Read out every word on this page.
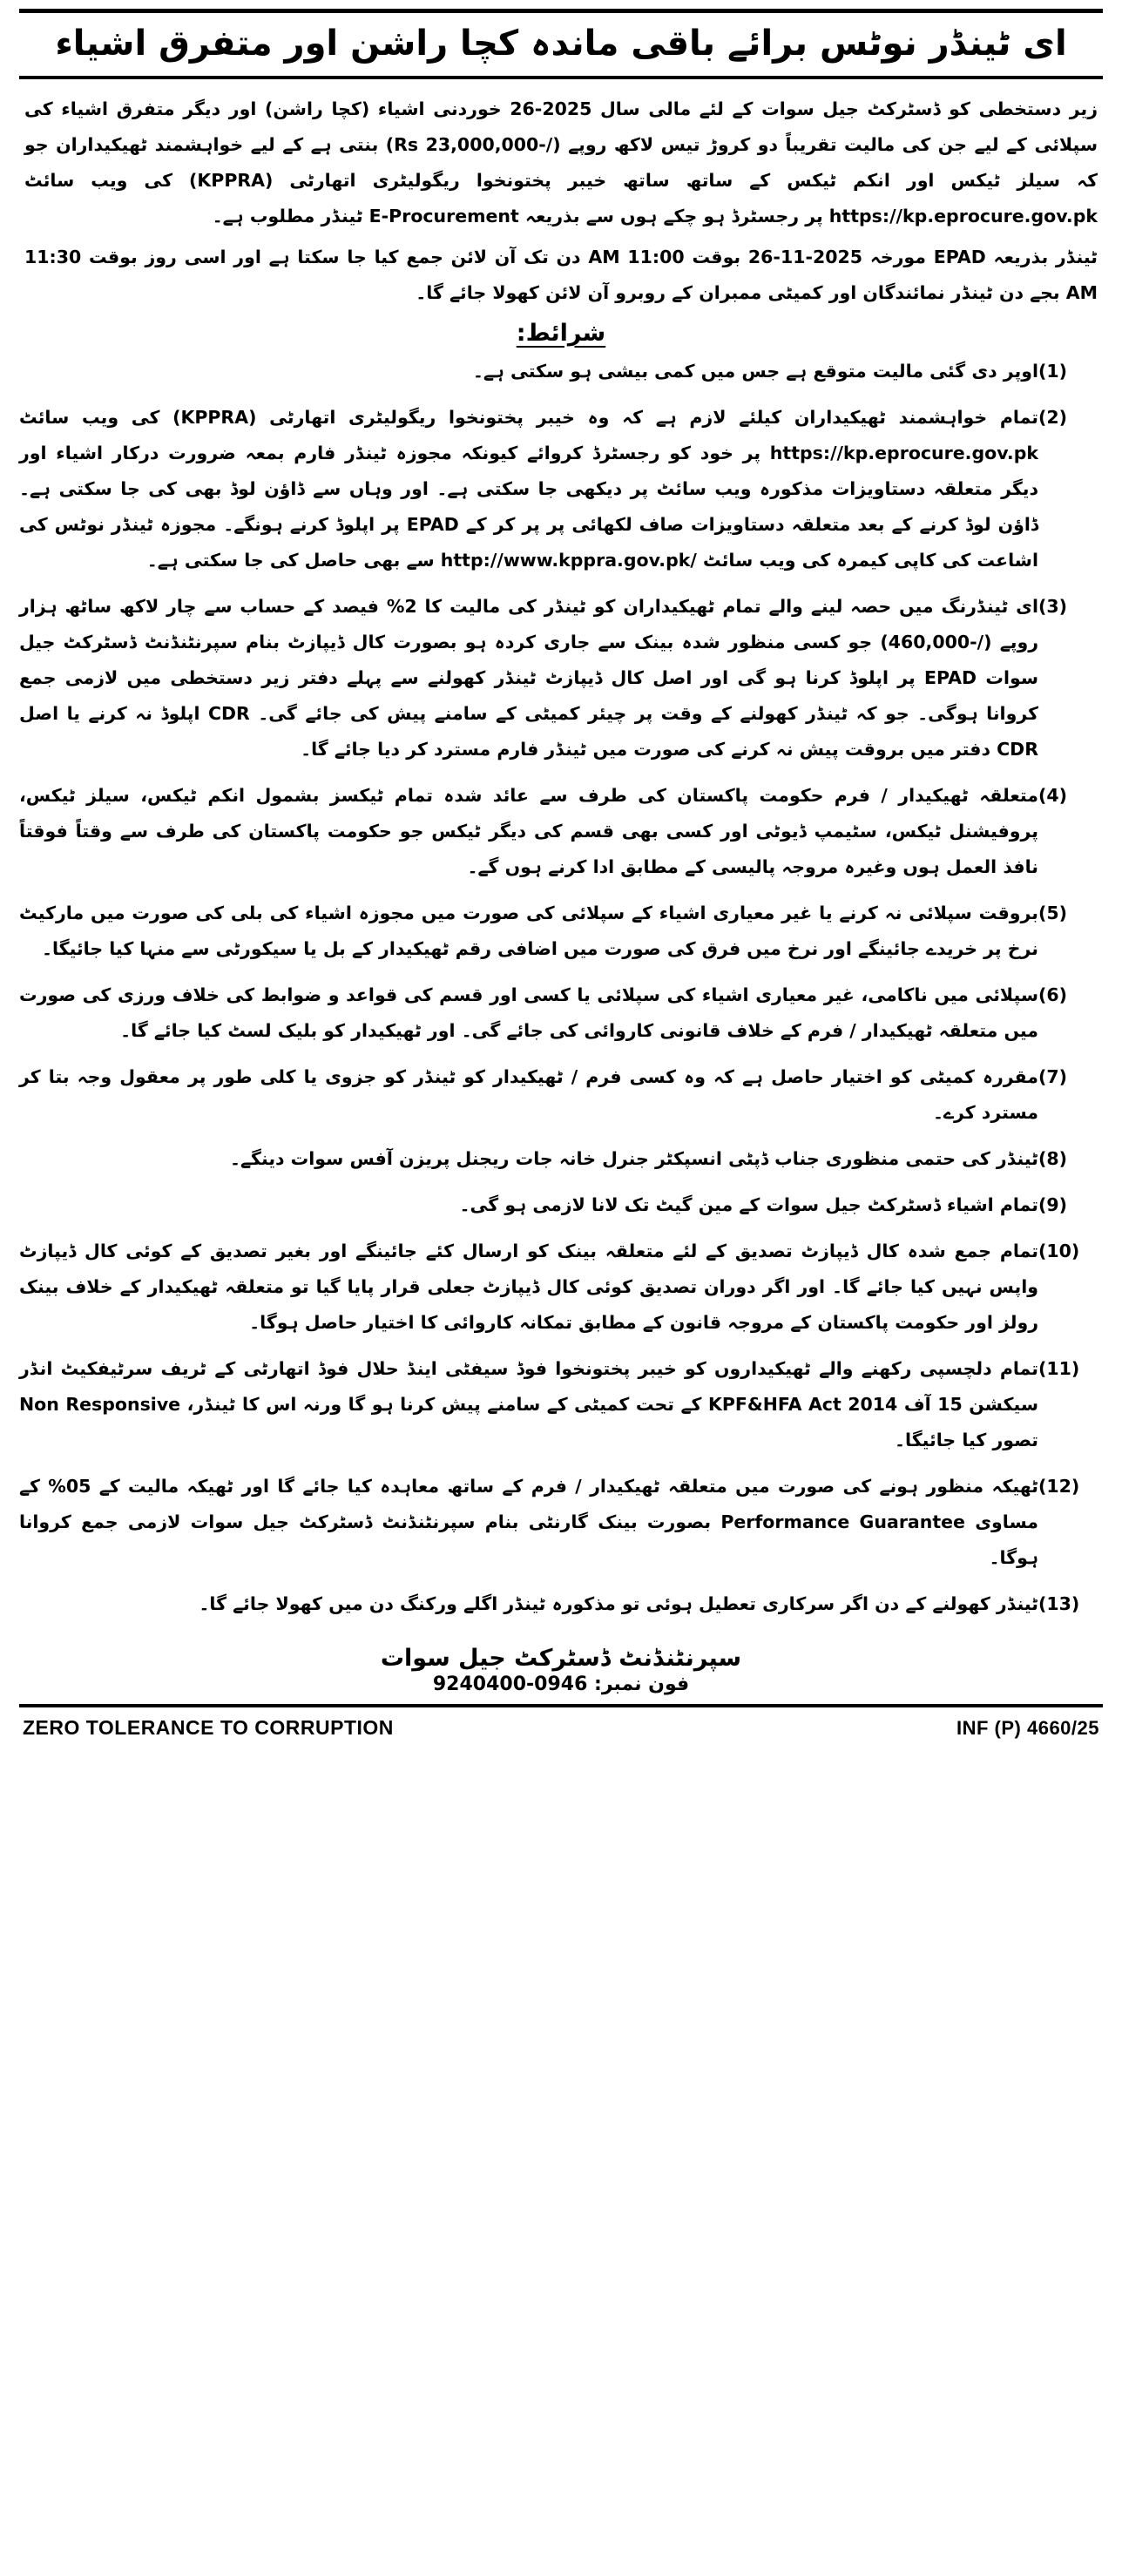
ای ٹینڈر نوٹس برائے باقی ماندہ کچا راشن اور متفرق اشیاء

زیر دستخطی کو ڈسٹرکٹ جیل سوات کے لئے مالی سال 2025-26 خوردنی اشیاء (کچا راشن) اور دیگر متفرق اشیاء کی سپلائی کے لیے جن کی مالیت تقریباً دو کروڑ تیس لاکھ روپے (/-Rs 23,000,000) بنتی ہے کے لیے خواہشمند ٹھیکیداران جو کہ سیلز ٹیکس اور انکم ٹیکس کے ساتھ ساتھ خیبر پختونخوا ریگولیٹری اتھارٹی (KPPRA) کی ویب سائٹ https://kp.eprocure.gov.pk پر رجسٹرڈ ہو چکے ہوں سے بذریعہ E-Procurement ٹینڈر مطلوب ہے۔

ٹینڈر بذریعہ EPAD مورخہ 2025-11-26 بوقت 11:00 AM دن تک آن لائن جمع کیا جا سکتا ہے اور اسی روز بوقت 11:30 AM بجے دن ٹینڈر نمائندگان اور کمیٹی ممبران کے روبرو آن لائن کھولا جائے گا۔

شرائط:
(1)	اوپر دی گئی مالیت متوقع ہے جس میں کمی بیشی ہو سکتی ہے۔
(2)	تمام خواہشمند ٹھیکیداران کیلئے لازم ہے کہ وہ خیبر پختونخوا ریگولیٹری اتھارٹی (KPPRA) کی ویب سائٹ https://kp.eprocure.gov.pk پر خود کو رجسٹرڈ کروائے کیونکہ مجوزہ ٹینڈر فارم بمعہ ضرورت درکار اشیاء اور دیگر متعلقہ دستاویزات مذکورہ ویب سائٹ پر دیکھی جا سکتی ہے۔ اور وہاں سے ڈاؤن لوڈ بھی کی جا سکتی ہے۔ ڈاؤن لوڈ کرنے کے بعد متعلقہ دستاویزات صاف لکھائی پر پر کر کے EPAD پر اپلوڈ کرنے ہونگے۔ مجوزہ ٹینڈر نوٹس کی اشاعت کی کاپی کیمرہ کی ویب سائٹ /http://www.kppra.gov.pk سے بھی حاصل کی جا سکتی ہے۔
(3)	ای ٹینڈرنگ میں حصہ لینے والے تمام ٹھیکیداران کو ٹینڈر کی مالیت کا 2% فیصد کے حساب سے چار لاکھ ساٹھ ہزار روپے (/-460,000) جو کسی منظور شدہ بینک سے جاری کردہ ہو بصورت کال ڈیپازٹ بنام سپرنٹنڈنٹ ڈسٹرکٹ جیل سوات EPAD پر اپلوڈ کرنا ہو گی اور اصل کال ڈیپازٹ ٹینڈر کھولنے سے پہلے دفتر زیر دستخطی میں لازمی جمع کروانا ہوگی۔ جو کہ ٹینڈر کھولنے کے وقت پر چیئر کمیٹی کے سامنے پیش کی جائے گی۔ CDR اپلوڈ نہ کرنے یا اصل CDR دفتر میں بروقت پیش نہ کرنے کی صورت میں ٹینڈر فارم مسترد کر دیا جائے گا۔
(4)	متعلقہ ٹھیکیدار / فرم حکومت پاکستان کی طرف سے عائد شدہ تمام ٹیکسز بشمول انکم ٹیکس، سیلز ٹیکس، پروفیشنل ٹیکس، سٹیمپ ڈیوٹی اور کسی بھی قسم کی دیگر ٹیکس جو حکومت پاکستان کی طرف سے وقتاً فوقتاً نافذ العمل ہوں وغیرہ مروجہ پالیسی کے مطابق ادا کرنے ہوں گے۔
(5)	بروقت سپلائی نہ کرنے یا غیر معیاری اشیاء کے سپلائی کی صورت میں مجوزہ اشیاء کی بلی کی صورت میں مارکیٹ نرخ پر خریدے جائینگے اور نرخ میں فرق کی صورت میں اضافی رقم ٹھیکیدار کے بل یا سیکورٹی سے منہا کیا جائیگا۔
(6)	سپلائی میں ناکامی، غیر معیاری اشیاء کی سپلائی یا کسی اور قسم کی قواعد و ضوابط کی خلاف ورزی کی صورت میں متعلقہ ٹھیکیدار / فرم کے خلاف قانونی کاروائی کی جائے گی۔ اور ٹھیکیدار کو بلیک لسٹ کیا جائے گا۔
(7)	مقررہ کمیٹی کو اختیار حاصل ہے کہ وہ کسی فرم / ٹھیکیدار کو ٹینڈر کو جزوی یا کلی طور پر معقول وجہ بتا کر مسترد کرے۔
(8)	ٹینڈر کی حتمی منظوری جناب ڈپٹی انسپکٹر جنرل خانہ جات ریجنل پریزن آفس سوات دینگے۔
(9)	تمام اشیاء ڈسٹرکٹ جیل سوات کے مین گیٹ تک لانا لازمی ہو گی۔
(10)	تمام جمع شدہ کال ڈیپازٹ تصدیق کے لئے متعلقہ بینک کو ارسال کئے جائینگے اور بغیر تصدیق کے کوئی کال ڈیپازٹ واپس نہیں کیا جائے گا۔ اور اگر دوران تصدیق کوئی کال ڈیپازٹ جعلی قرار پایا گیا تو متعلقہ ٹھیکیدار کے خلاف بینک رولز اور حکومت پاکستان کے مروجہ قانون کے مطابق تمکانہ کاروائی کا اختیار حاصل ہوگا۔
(11)	تمام دلچسپی رکھنے والے ٹھیکیداروں کو خیبر پختونخوا فوڈ سیفٹی اینڈ حلال فوڈ اتھارٹی کے ٹریف سرٹیفکیٹ انڈر سیکشن 15 آف KPF&HFA Act 2014 کے تحت کمیٹی کے سامنے پیش کرنا ہو گا ورنہ اس کا ٹینڈر، Non Responsive تصور کیا جائیگا۔
(12)	ٹھیکہ منظور ہونے کی صورت میں متعلقہ ٹھیکیدار / فرم کے ساتھ معاہدہ کیا جائے گا اور ٹھیکہ مالیت کے 05% کے مساوی Performance Guarantee بصورت بینک گارنٹی بنام سپرنٹنڈنٹ ڈسٹرکٹ جیل سوات لازمی جمع کروانا ہوگا۔
(13)	ٹینڈر کھولنے کے دن اگر سرکاری تعطیل ہوئی تو مذکورہ ٹینڈر اگلے ورکنگ دن میں کھولا جائے گا۔
سپرنٹنڈنٹ ڈسٹرکٹ جیل سوات
فون نمبر: 0946-9240400
ZERO TOLERANCE TO CORRUPTION	INF (P) 4660/25
